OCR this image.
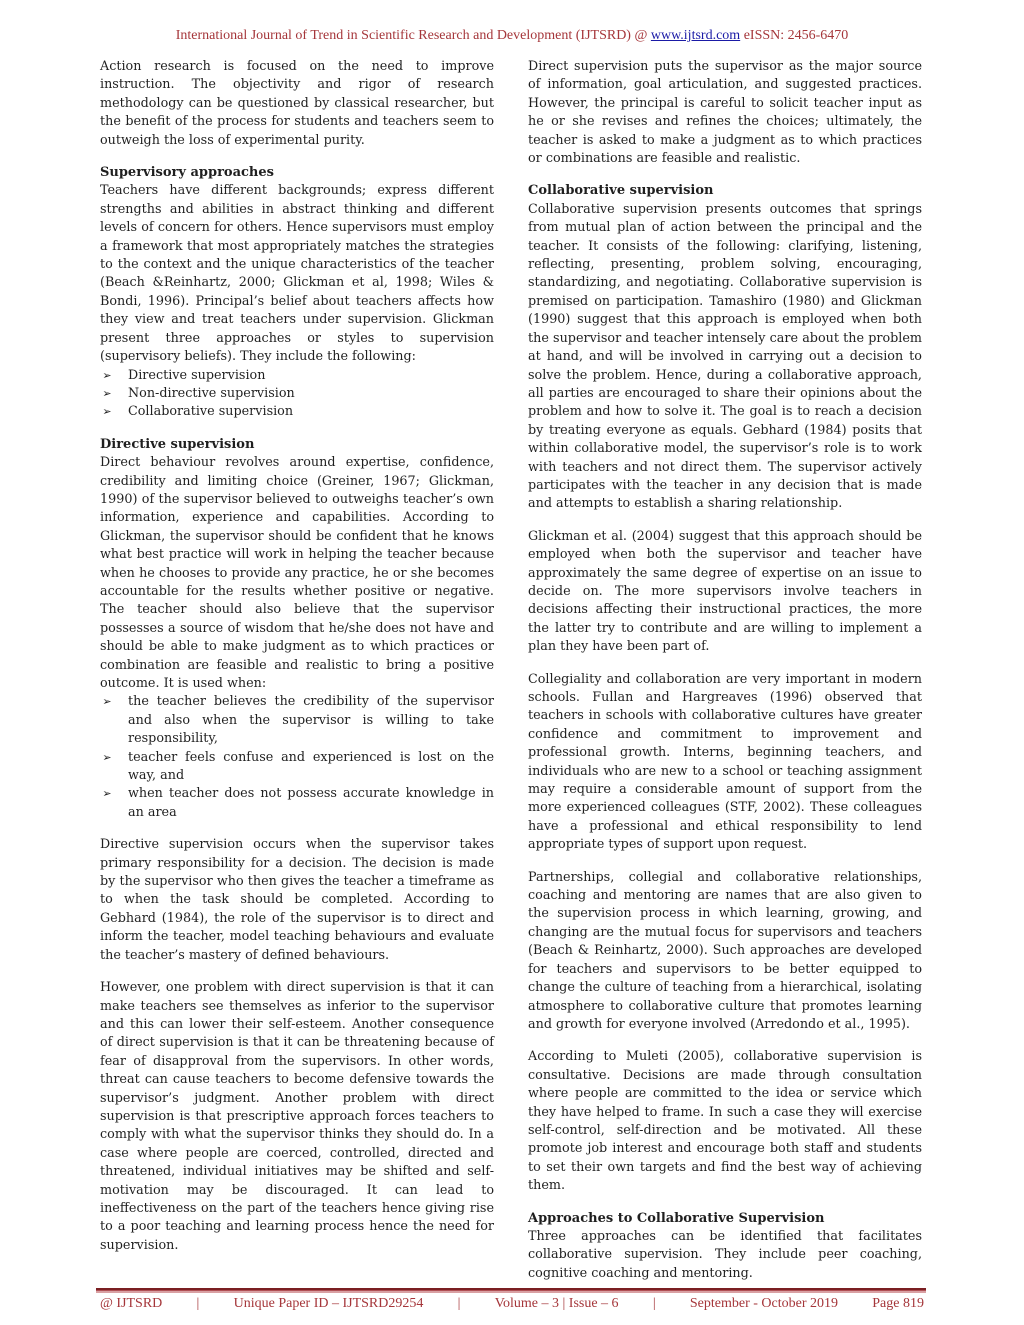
International Journal of Trend in Scientific Research and Development (IJTSRD) @ www.ijtsrd.com eISSN: 2456-6470

Action research is focused on the need to improve instruction. The objectivity and rigor of research methodology can be questioned by classical researcher, but the benefit of the process for students and teachers seem to outweigh the loss of experimental purity.

Supervisory approaches

Teachers have different backgrounds; express different strengths and abilities in abstract thinking and different levels of concern for others. Hence supervisors must employ a framework that most appropriately matches the strategies to the context and the unique characteristics of the teacher (Beach &Reinhartz, 2000; Glickman et al, 1998; Wiles & Bondi, 1996). Principal’s belief about teachers affects how they view and treat teachers under supervision. Glickman present three approaches or styles to supervision (supervisory beliefs). They include the following:

➢ Directive supervision
➢ Non-directive supervision
➢ Collaborative supervision
Directive supervision

Direct behaviour revolves around expertise, confidence, credibility and limiting choice (Greiner, 1967; Glickman, 1990) of the supervisor believed to outweighs teacher’s own information, experience and capabilities. According to Glickman, the supervisor should be confident that he knows what best practice will work in helping the teacher because when he chooses to provide any practice, he or she becomes accountable for the results whether positive or negative. The teacher should also believe that the supervisor possesses a source of wisdom that he/she does not have and should be able to make judgment as to which practices or combination are feasible and realistic to bring a positive outcome. It is used when:

➢ the teacher believes the credibility of the supervisor and also when the supervisor is willing to take responsibility,
➢ teacher feels confuse and experienced is lost on the way, and
➢ when teacher does not possess accurate knowledge in an area

Directive supervision occurs when the supervisor takes primary responsibility for a decision. The decision is made by the supervisor who then gives the teacher a timeframe as to when the task should be completed. According to Gebhard (1984), the role of the supervisor is to direct and inform the teacher, model teaching behaviours and evaluate the teacher’s mastery of defined behaviours.

However, one problem with direct supervision is that it can make teachers see themselves as inferior to the supervisor and this can lower their self-esteem. Another consequence of direct supervision is that it can be threatening because of fear of disapproval from the supervisors. In other words, threat can cause teachers to become defensive towards the supervisor’s judgment. Another problem with direct supervision is that prescriptive approach forces teachers to comply with what the supervisor thinks they should do. In a case where people are coerced, controlled, directed and threatened, individual initiatives may be shifted and self-motivation may be discouraged. It can lead to ineffectiveness on the part of the teachers hence giving rise to a poor teaching and learning process hence the need for supervision.

Direct supervision puts the supervisor as the major source of information, goal articulation, and suggested practices. However, the principal is careful to solicit teacher input as he or she revises and refines the choices; ultimately, the teacher is asked to make a judgment as to which practices or combinations are feasible and realistic.

Collaborative supervision

Collaborative supervision presents outcomes that springs from mutual plan of action between the principal and the teacher. It consists of the following: clarifying, listening, reflecting, presenting, problem solving, encouraging, standardizing, and negotiating. Collaborative supervision is premised on participation. Tamashiro (1980) and Glickman (1990) suggest that this approach is employed when both the supervisor and teacher intensely care about the problem at hand, and will be involved in carrying out a decision to solve the problem. Hence, during a collaborative approach, all parties are encouraged to share their opinions about the problem and how to solve it. The goal is to reach a decision by treating everyone as equals. Gebhard (1984) posits that within collaborative model, the supervisor’s role is to work with teachers and not direct them. The supervisor actively participates with the teacher in any decision that is made and attempts to establish a sharing relationship.

Glickman et al. (2004) suggest that this approach should be employed when both the supervisor and teacher have approximately the same degree of expertise on an issue to decide on. The more supervisors involve teachers in decisions affecting their instructional practices, the more the latter try to contribute and are willing to implement a plan they have been part of.

Collegiality and collaboration are very important in modern schools. Fullan and Hargreaves (1996) observed that teachers in schools with collaborative cultures have greater confidence and commitment to improvement and professional growth. Interns, beginning teachers, and individuals who are new to a school or teaching assignment may require a considerable amount of support from the more experienced colleagues (STF, 2002). These colleagues have a professional and ethical responsibility to lend appropriate types of support upon request.

Partnerships, collegial and collaborative relationships, coaching and mentoring are names that are also given to the supervision process in which learning, growing, and changing are the mutual focus for supervisors and teachers (Beach & Reinhartz, 2000). Such approaches are developed for teachers and supervisors to be better equipped to change the culture of teaching from a hierarchical, isolating atmosphere to collaborative culture that promotes learning and growth for everyone involved (Arredondo et al., 1995).

According to Muleti (2005), collaborative supervision is consultative. Decisions are made through consultation where people are committed to the idea or service which they have helped to frame. In such a case they will exercise self-control, self-direction and be motivated. All these promote job interest and encourage both staff and students to set their own targets and find the best way of achieving them.

Approaches to Collaborative Supervision

Three approaches can be identified that facilitates collaborative supervision. They include peer coaching, cognitive coaching and mentoring.

@ IJTSRD | Unique Paper ID – IJTSRD29254 | Volume – 3 | Issue – 6 | September - October 2019 Page 819
